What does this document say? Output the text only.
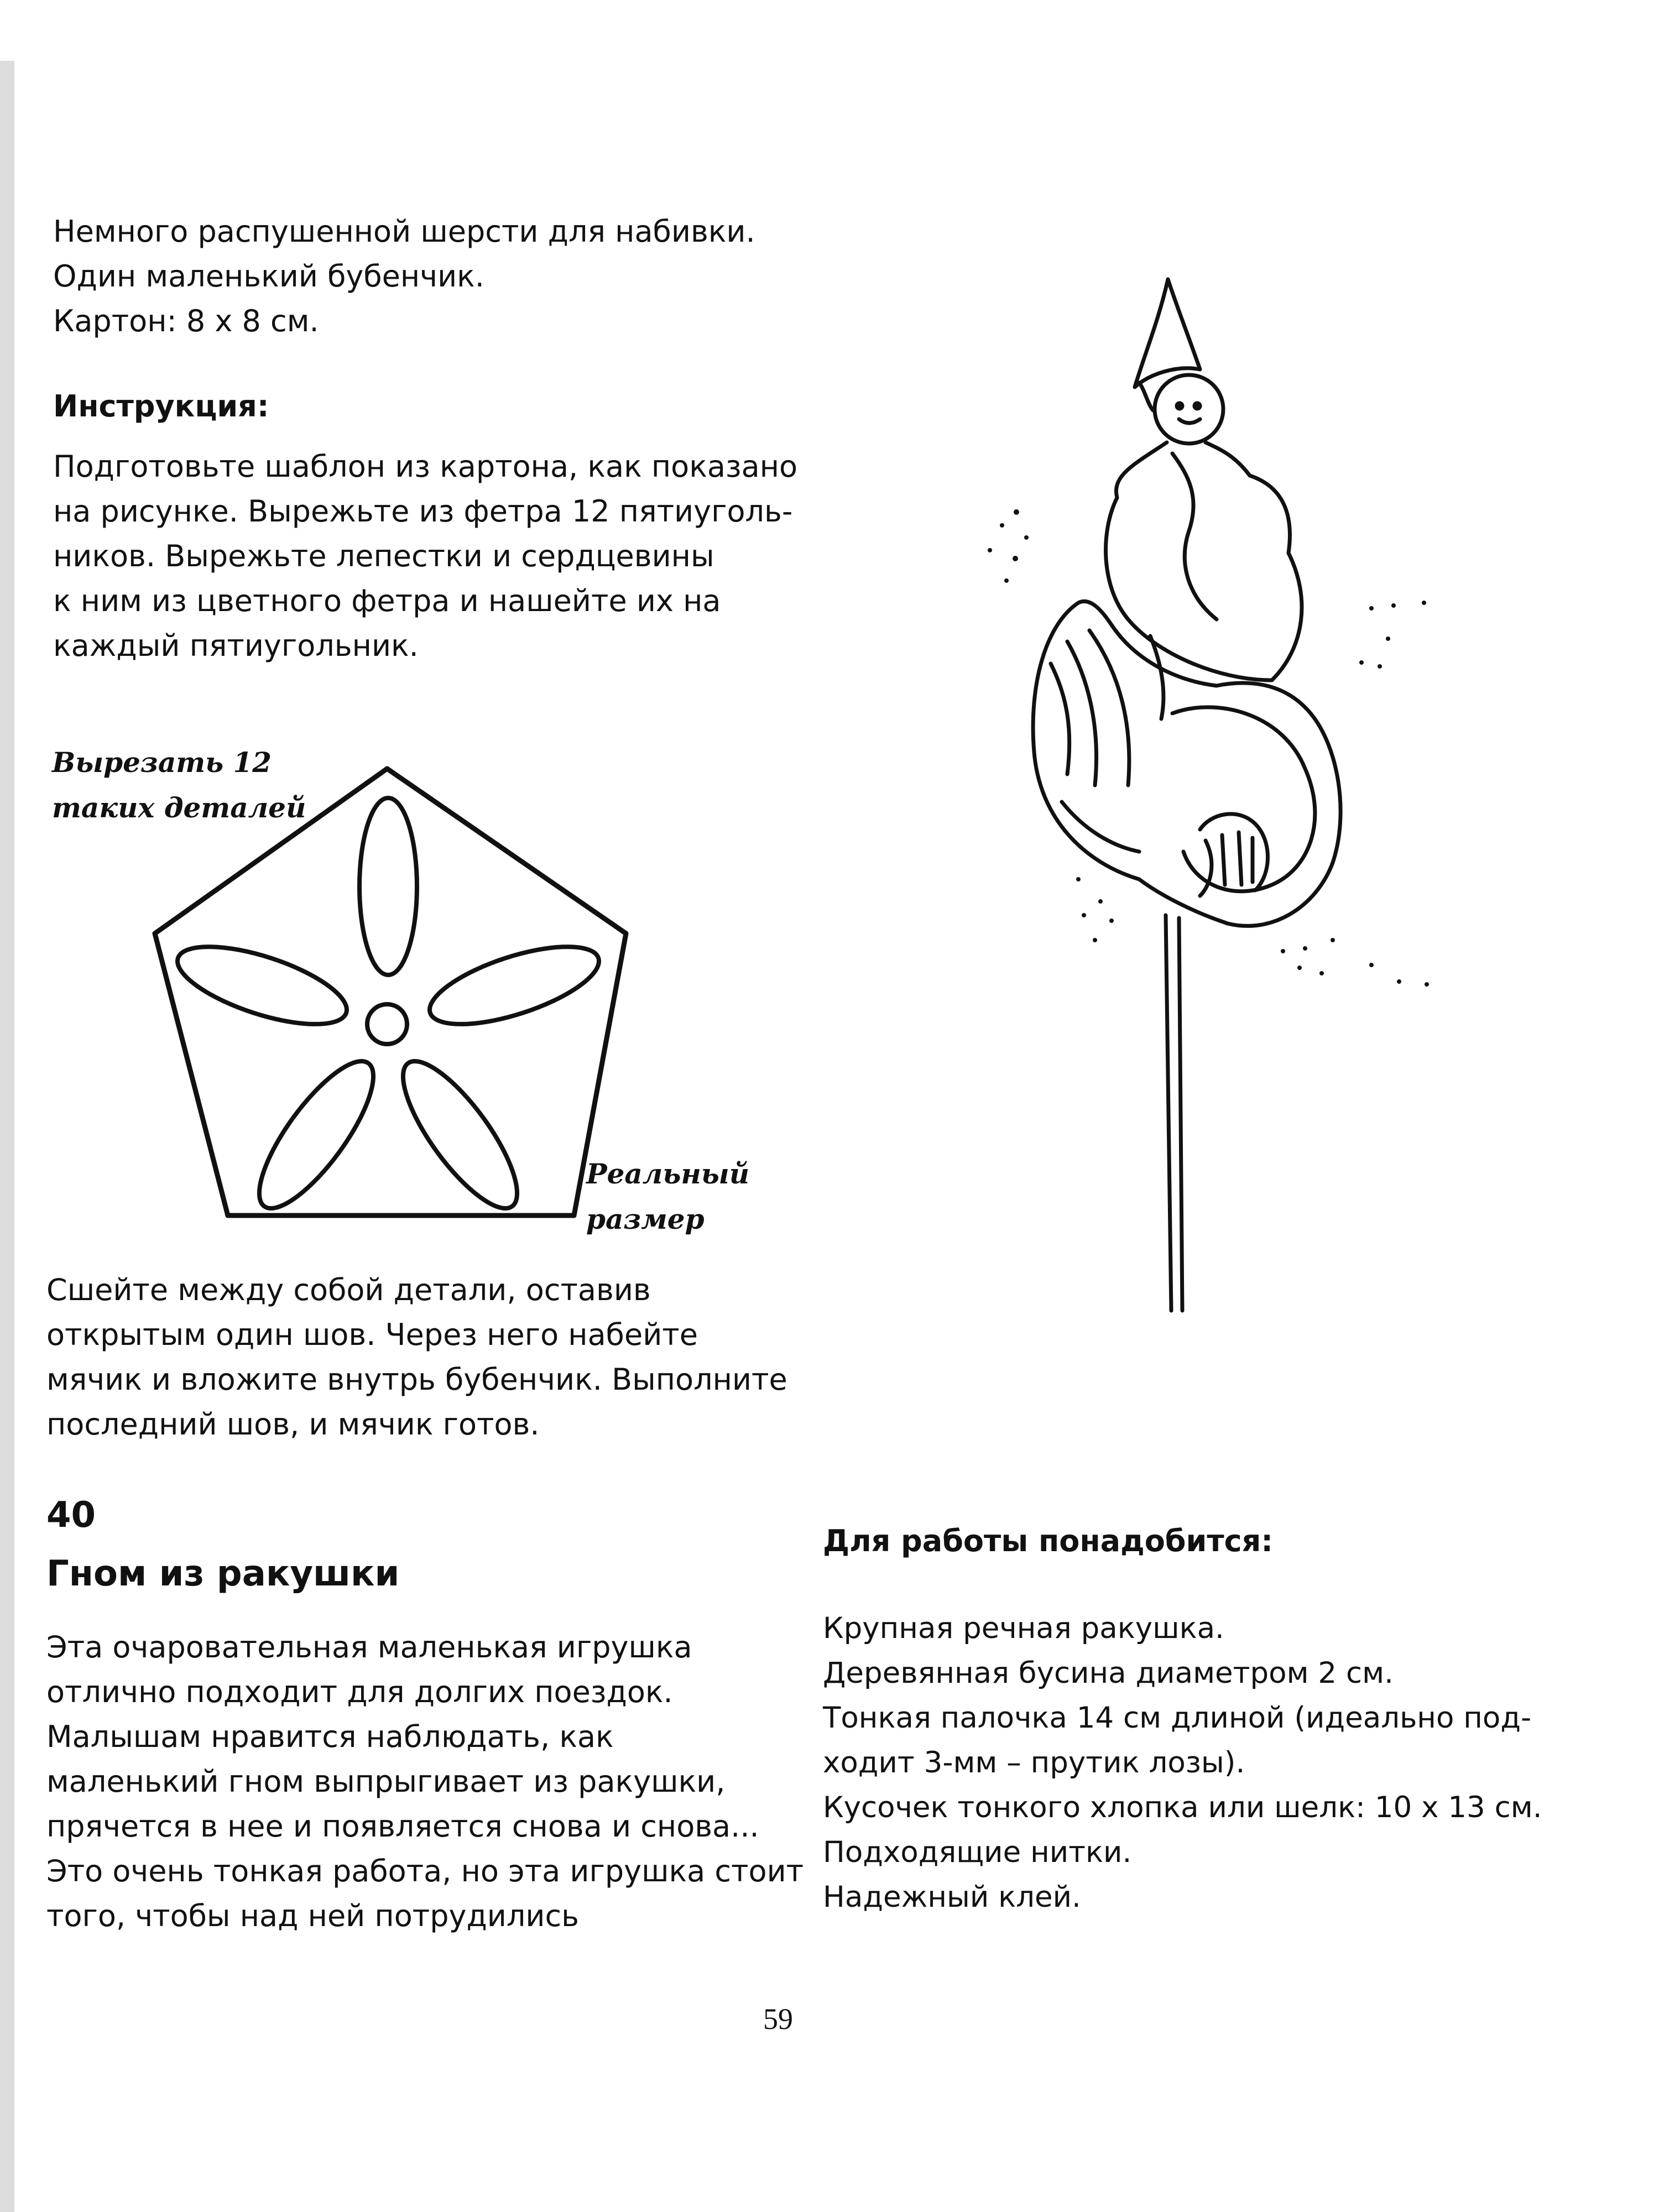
Немного распушенной шерсти для набивки.

Один маленький бубенчик.

Картон: 8 х 8 см.

Инструкция:

Подготовьте шаблон из картона, как показано

на рисунке. Вырежьте из фетра 12 пятиуголь-

ников. Вырежьте лепестки и сердцевины

к ним из цветного фетра и нашейте их на

каждый пятиугольник.

Вырезать 12
таких деталей
Реальный
размер

Сшейте между собой детали, оставив

открытым один шов. Через него набейте

мячик и вложите внутрь бубенчик. Выполните

последний шов, и мячик готов.

40
Гном из ракушки

Эта очаровательная маленькая игрушка

отлично подходит для долгих поездок.

Малышам нравится наблюдать, как

маленький гном выпрыгивает из ракушки,

прячется в нее и появляется снова и снова...

Это очень тонкая работа, но эта игрушка стоит

того, чтобы над ней потрудились

Для работы понадобится:

Крупная речная ракушка.

Деревянная бусина диаметром 2 см.

Тонкая палочка 14 см длиной (идеально под-

ходит 3-мм – прутик лозы).

Кусочек тонкого хлопка или шелк: 10 х 13 см.

Подходящие нитки.

Надежный клей.

59
